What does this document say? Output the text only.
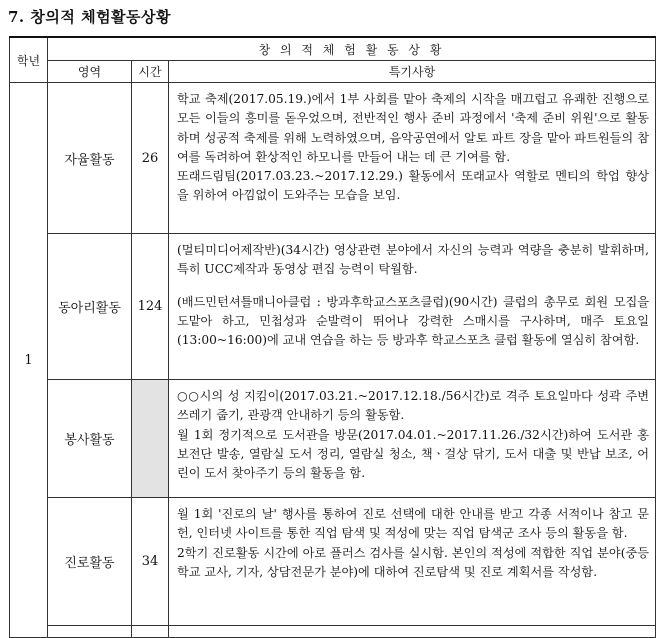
7. 창의적 체험활동상황
학년	창 의 적 체 험 활 동 상 황		
	영역	시간	특기사항
1	자율활동	26	학교 축제(2017.05.19.)에서 1부 사회를 맡아 축제의 시작을 매끄럽고 유쾌한 진행으로 모든 이들의 흥미를 돋우었으며, 전반적인 행사 준비 과정에서 '축제 준비 위원'으로 활동하며 성공적 축제를 위해 노력하였으며, 음악공연에서 알토 파트 장을 맡아 파트원들의 참여를 독려하여 환상적인 하모니를 만들어 내는 데 큰 기여를 함.

또래드림팀(2017.03.23.~2017.12.29.) 활동에서 또래교사 역할로 멘티의 학업 향상을 위하여 아낌없이 도와주는 모습을 보임.

	동아리활동	124	(멀티미디어제작반)(34시간) 영상관련 분야에서 자신의 능력과 역량을 충분히 발휘하며, 특히 UCC제작과 동영상 편집 능력이 탁월함.

(배드민턴셔틀매니아클럽 : 방과후학교스포츠클럽)(90시간) 클럽의 총무로 회원 모집을 도맡아 하고, 민첩성과 순발력이 뛰어나 강력한 스매시를 구사하며, 매주 토요일(13:00~16:00)에 교내 연습을 하는 등 방과후 학교스포츠 클럽 활동에 열심히 참여함.

	봉사활동		○○시의 성 지킴이(2017.03.21.~2017.12.18./56시간)로 격주 토요일마다 성곽 주변 쓰레기 줍기, 관광객 안내하기 등의 활동함.

월 1회 정기적으로 도서관을 방문(2017.04.01.~2017.11.26./32시간)하여 도서관 홍보전단 발송, 열람실 도서 정리, 열람실 청소, 책ㆍ걸상 닦기, 도서 대출 및 반납 보조, 어린이 도서 찾아주기 등의 활동을 함.

	진로활동	34	월 1회 '진로의 날' 행사를 통하여 진로 선택에 대한 안내를 받고 각종 서적이나 참고 문헌, 인터넷 사이트를 통한 직업 탐색 및 적성에 맞는 직업 탐색군 조사 등의 활동을 함.

2학기 진로활동 시간에 아로 플러스 검사를 실시함. 본인의 적성에 적합한 직업 분야(중등학교 교사, 기자, 상담전문가 분야)에 대하여 진로탐색 및 진로 계획서를 작성함.
